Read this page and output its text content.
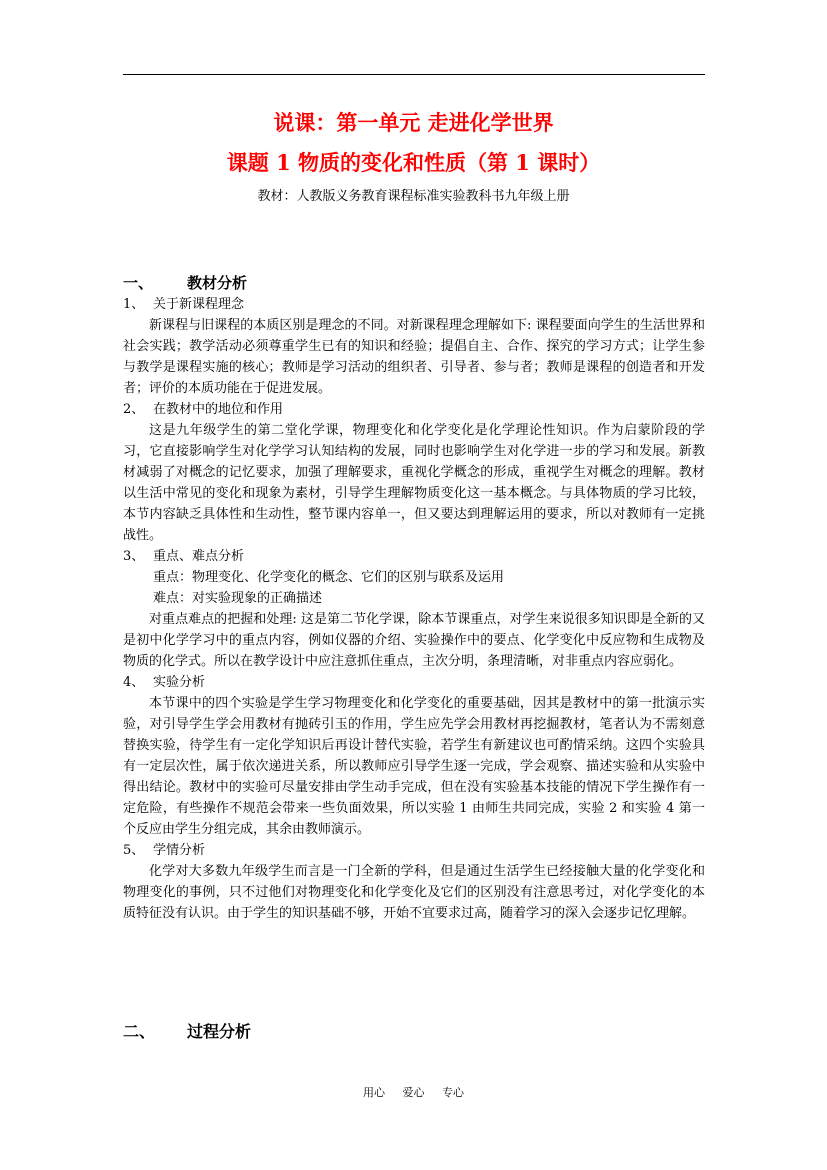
说课：第一单元 走进化学世界
课题 1 物质的变化和性质（第 1 课时）
教材：人教版义务教育课程标准实验教科书九年级上册
一、 教材分析
1、 关于新课程理念

新课程与旧课程的本质区别是理念的不同。对新课程理念理解如下: 课程要面向学生的生活世界和社会实践；教学活动必须尊重学生已有的知识和经验；提倡自主、合作、探究的学习方式；让学生参与教学是课程实施的核心；教师是学习活动的组织者、引导者、参与者；教师是课程的创造者和开发者；评价的本质功能在于促进发展。

2、 在教材中的地位和作用

这是九年级学生的第二堂化学课，物理变化和化学变化是化学理论性知识。作为启蒙阶段的学习，它直接影响学生对化学学习认知结构的发展，同时也影响学生对化学进一步的学习和发展。新教材减弱了对概念的记忆要求，加强了理解要求，重视化学概念的形成，重视学生对概念的理解。教材以生活中常见的变化和现象为素材，引导学生理解物质变化这一基本概念。与具体物质的学习比较，本节内容缺乏具体性和生动性，整节课内容单一，但又要达到理解运用的要求，所以对教师有一定挑战性。

3、 重点、难点分析
重点：物理变化、化学变化的概念、它们的区别与联系及运用
难点：对实验现象的正确描述

对重点难点的把握和处理: 这是第二节化学课，除本节课重点，对学生来说很多知识即是全新的又是初中化学学习中的重点内容，例如仪器的介绍、实验操作中的要点、化学变化中反应物和生成物及物质的化学式。所以在教学设计中应注意抓住重点，主次分明，条理清晰，对非重点内容应弱化。

4、 实验分析

本节课中的四个实验是学生学习物理变化和化学变化的重要基础，因其是教材中的第一批演示实验，对引导学生学会用教材有抛砖引玉的作用，学生应先学会用教材再挖掘教材，笔者认为不需刻意替换实验，待学生有一定化学知识后再设计替代实验，若学生有新建议也可酌情采纳。这四个实验具有一定层次性，属于依次递进关系，所以教师应引导学生逐一完成，学会观察、描述实验和从实验中得出结论。教材中的实验可尽量安排由学生动手完成，但在没有实验基本技能的情况下学生操作有一定危险，有些操作不规范会带来一些负面效果，所以实验 1 由师生共同完成，实验 2 和实验 4 第一个反应由学生分组完成，其余由教师演示。

5、 学情分析

化学对大多数九年级学生而言是一门全新的学科，但是通过生活学生已经接触大量的化学变化和物理变化的事例，只不过他们对物理变化和化学变化及它们的区别没有注意思考过，对化学变化的本质特征没有认识。由于学生的知识基础不够，开始不宜要求过高，随着学习的深入会逐步记忆理解。

二、 过程分析
用心 爱心 专心
